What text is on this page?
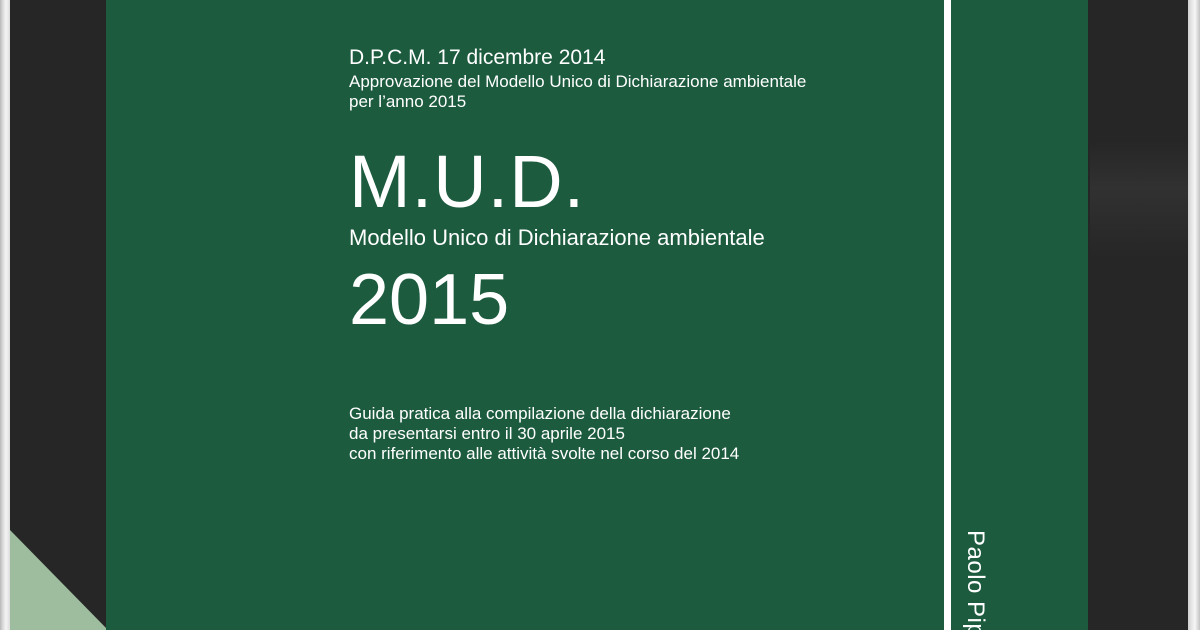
Paolo Pip
D.P.C.M. 17 dicembre 2014
Approvazione del Modello Unico di Dichiarazione ambientale
per l’anno 2015
M.U.D.
Modello Unico di Dichiarazione ambientale
2015
Guida pratica alla compilazione della dichiarazione
da presentarsi entro il 30 aprile 2015
con riferimento alle attività svolte nel corso del 2014
